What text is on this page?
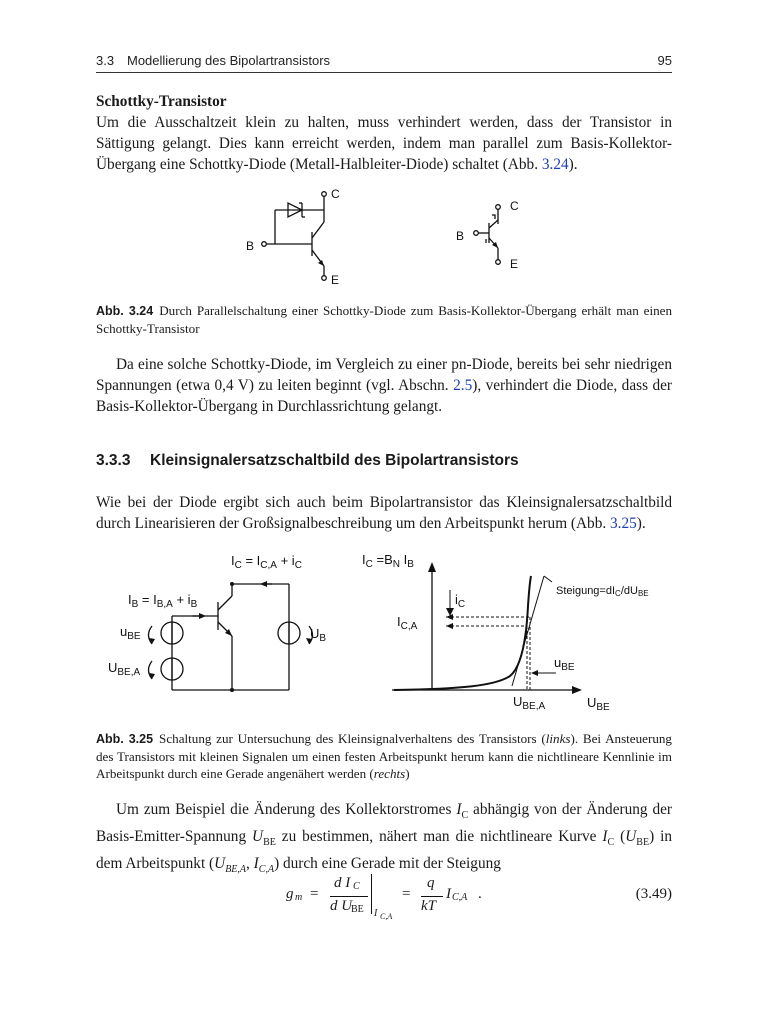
3.3 Modellierung des Bipolartransistors	95
Schottky-Transistor
Um die Ausschaltzeit klein zu halten, muss verhindert werden, dass der Transistor in Sättigung gelangt. Dies kann erreicht werden, indem man parallel zum Basis-Kollektor-Übergang eine Schottky-Diode (Metall-Halbleiter-Diode) schaltet (Abb. 3.24).
C
B
E
C
B
E
Abb. 3.24 Durch Parallelschaltung einer Schottky-Diode zum Basis-Kollektor-Übergang erhält man einen Schottky-Transistor
Da eine solche Schottky-Diode, im Vergleich zu einer pn-Diode, bereits bei sehr niedrigen Spannungen (etwa 0,4 V) zu leiten beginnt (vgl. Abschn. 2.5), verhindert die Diode, dass der Basis-Kollektor-Übergang in Durchlassrichtung gelangt.
3.3.3 Kleinsignalersatzschaltbild des Bipolartransistors
Wie bei der Diode ergibt sich auch beim Bipolartransistor das Kleinsignalersatzschaltbild durch Linearisieren der Großsignalbeschreibung um den Arbeitspunkt herum (Abb. 3.25).
$I_C = I_{C,A} + i_C$
$I_B = I_{B,A} + i_B$
$u_{BE}$
$U_{BE,A}$
$U_B$
$I_C =B_N$ $I_B$
Steigung=dIC/dUBE
$i_C$
$I_{C,A}$
$u_{BE}$
$U_{BE,A}$	$U_{BE}$
Abb. 3.25 Schaltung zur Untersuchung des Kleinsignalverhaltens des Transistors (links). Bei Ansteuerung des Transistors mit kleinen Signalen um einen festen Arbeitspunkt herum kann die nichtlineare Kennlinie im Arbeitspunkt durch eine Gerade angenähert werden (rechts)
Um zum Beispiel die Änderung des Kollektorstromes $I_C$ abhängig von der Änderung der Basis-Emitter-Spannung $U_{BE}$ zu bestimmen, nähert man die nichtlineare Kurve $I_C$ $(U_{BE})$ in dem Arbeitspunkt ($U_{BE,A}$, $I_{C,A}$) durch eine Gerade mit der Steigung
g m =
d I C
d U
BE I C,A
=
q
kT
I C,A .	(3.49)
